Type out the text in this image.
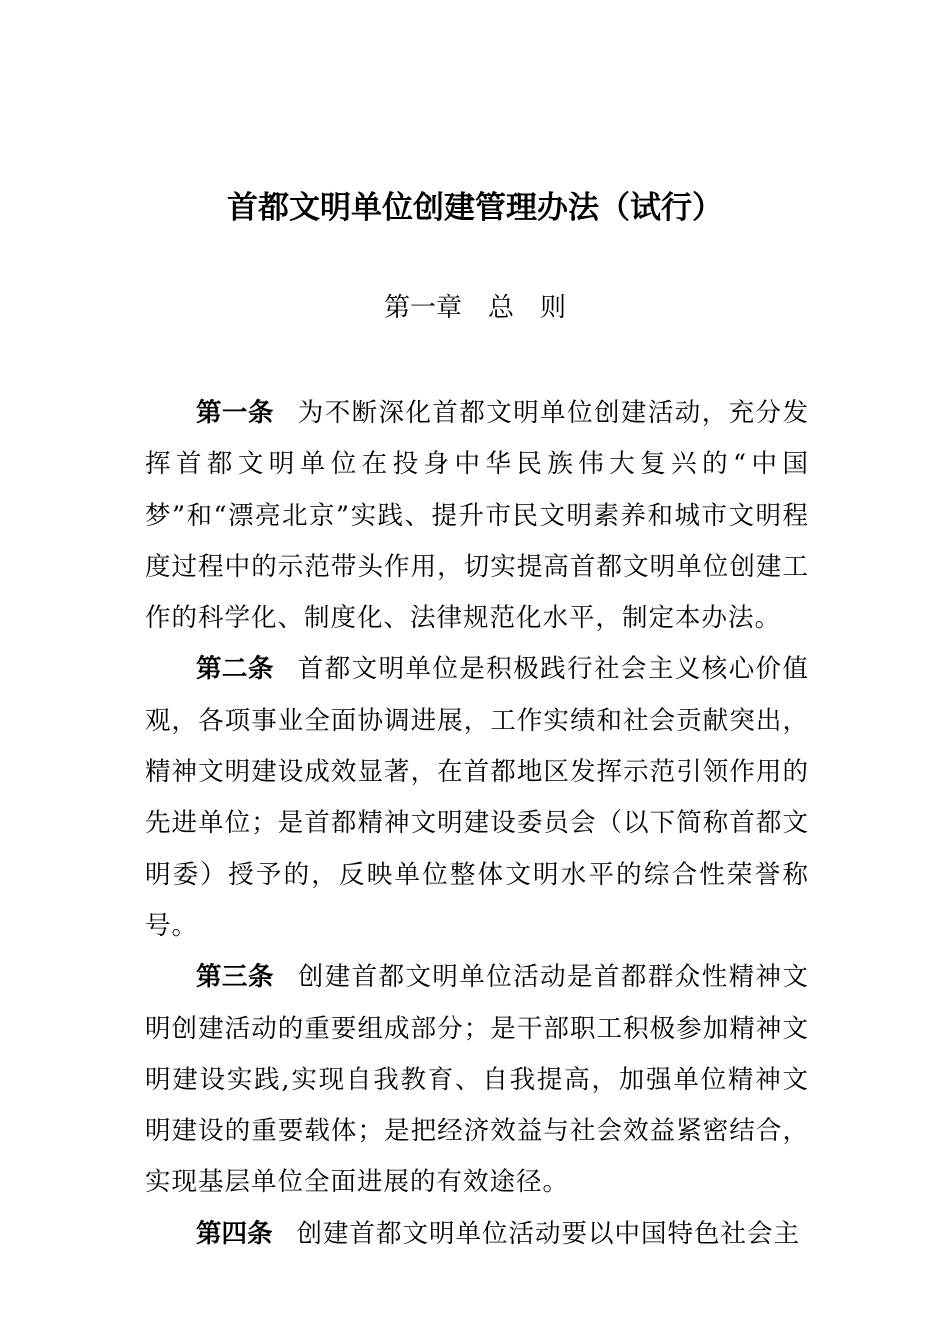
首都文明单位创建管理办法（试行）
第一章　总　则

第一条 为不断深化首都文明单位创建活动，充分发挥首都文明单位在投身中华民族伟大复兴的“中国梦”和“漂亮北京”实践、提升市民文明素养和城市文明程度过程中的示范带头作用，切实提高首都文明单位创建工作的科学化、制度化、法律规范化水平，制定本办法。

第二条 首都文明单位是积极践行社会主义核心价值观，各项事业全面协调进展，工作实绩和社会贡献突出，精神文明建设成效显著，在首都地区发挥示范引领作用的先进单位；是首都精神文明建设委员会（以下简称首都文明委）授予的，反映单位整体文明水平的综合性荣誉称号。

第三条 创建首都文明单位活动是首都群众性精神文明创建活动的重要组成部分；是干部职工积极参加精神文明建设实践,实现自我教育、自我提高，加强单位精神文明建设的重要载体；是把经济效益与社会效益紧密结合，实现基层单位全面进展的有效途径。

第四条 创建首都文明单位活动要以中国特色社会主
